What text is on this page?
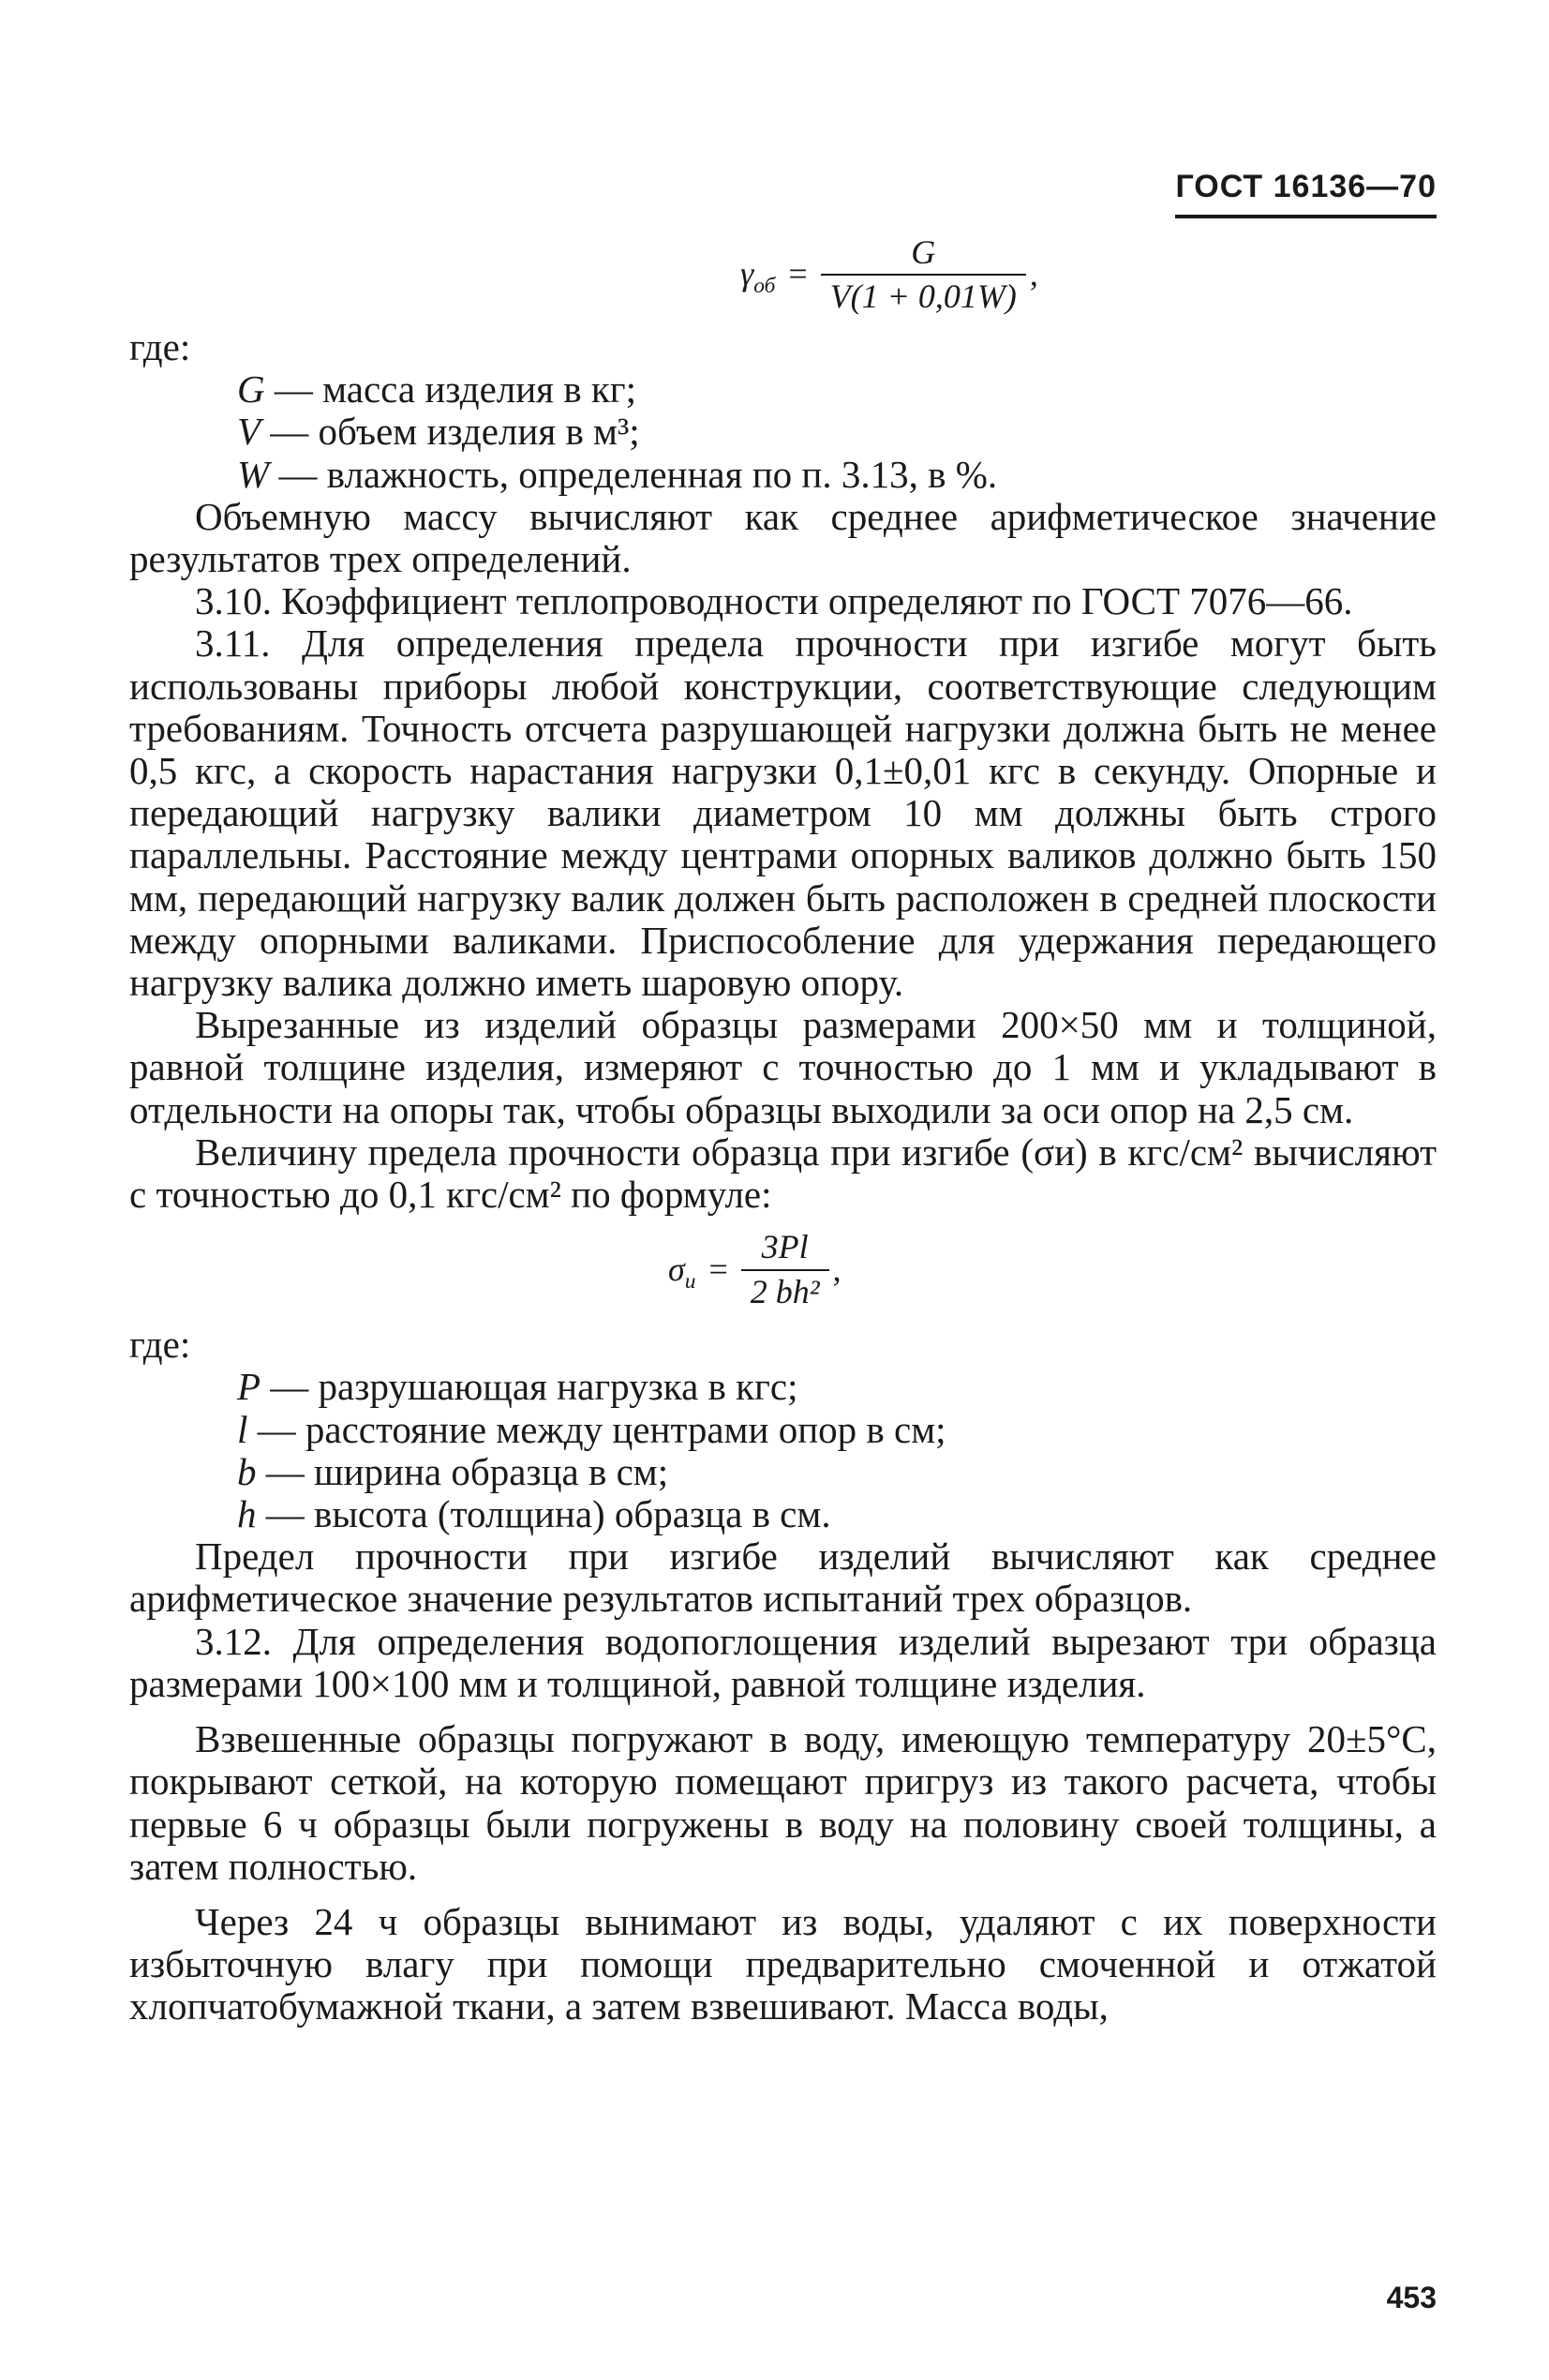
ГОСТ 16136—70
$\gamma_{об} = \frac{G}{V(1 + 0,01W)}$ ,

где:

G — масса изделия в кг;

V — объем изделия в м³;

W — влажность, определенная по п. 3.13, в %.

Объемную массу вычисляют как среднее арифметическое значение результатов трех определений.

3.10. Коэффициент теплопроводности определяют по ГОСТ 7076—66.

3.11. Для определения предела прочности при изгибе могут быть использованы приборы любой конструкции, соответствующие следующим требованиям. Точность отсчета разрушающей нагрузки должна быть не менее 0,5 кгс, а скорость нарастания нагрузки 0,1±0,01 кгс в секунду. Опорные и передающий нагрузку валики диаметром 10 мм должны быть строго параллельны. Расстояние между центрами опорных валиков должно быть 150 мм, передающий нагрузку валик должен быть расположен в средней плоскости между опорными валиками. Приспособление для удержания передающего нагрузку валика должно иметь шаровую опору.

Вырезанные из изделий образцы размерами 200×50 мм и толщиной, равной толщине изделия, измеряют с точностью до 1 мм и укладывают в отдельности на опоры так, чтобы образцы выходили за оси опор на 2,5 см.

Величину предела прочности образца при изгибе (σи) в кгс/см² вычисляют с точностью до 0,1 кгс/см² по формуле:

$\sigma_и = \frac{3Pl}{\text{2 bh²}}$ ,

где:

P — разрушающая нагрузка в кгс;

l — расстояние между центрами опор в см;

b — ширина образца в см;

h — высота (толщина) образца в см.

Предел прочности при изгибе изделий вычисляют как среднее арифметическое значение результатов испытаний трех образцов.

3.12. Для определения водопоглощения изделий вырезают три образца размерами 100×100 мм и толщиной, равной толщине изделия.

Взвешенные образцы погружают в воду, имеющую температуру 20±5°С, покрывают сеткой, на которую помещают пригруз из такого расчета, чтобы первые 6 ч образцы были погружены в воду на половину своей толщины, а затем полностью.

Через 24 ч образцы вынимают из воды, удаляют с их поверхности избыточную влагу при помощи предварительно смоченной и отжатой хлопчатобумажной ткани, а затем взвешивают. Масса воды,

453
